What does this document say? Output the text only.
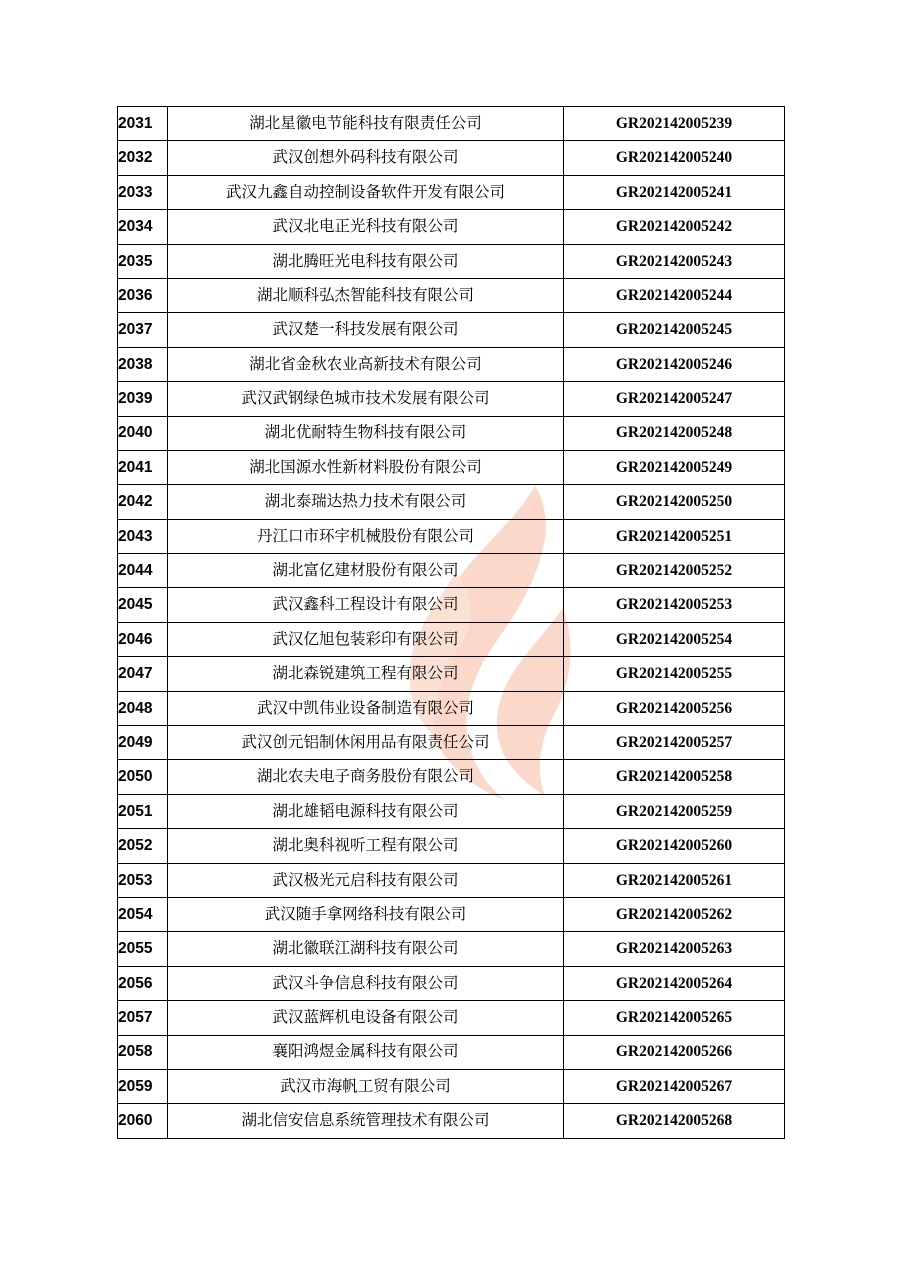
2031	湖北星徽电节能科技有限责任公司	GR202142005239
2032	武汉创想外码科技有限公司	GR202142005240
2033	武汉九鑫自动控制设备软件开发有限公司	GR202142005241
2034	武汉北电正光科技有限公司	GR202142005242
2035	湖北腾旺光电科技有限公司	GR202142005243
2036	湖北顺科弘杰智能科技有限公司	GR202142005244
2037	武汉楚一科技发展有限公司	GR202142005245
2038	湖北省金秋农业高新技术有限公司	GR202142005246
2039	武汉武钢绿色城市技术发展有限公司	GR202142005247
2040	湖北优耐特生物科技有限公司	GR202142005248
2041	湖北国源水性新材料股份有限公司	GR202142005249
2042	湖北泰瑞达热力技术有限公司	GR202142005250
2043	丹江口市环宇机械股份有限公司	GR202142005251
2044	湖北富亿建材股份有限公司	GR202142005252
2045	武汉鑫科工程设计有限公司	GR202142005253
2046	武汉亿旭包装彩印有限公司	GR202142005254
2047	湖北森锐建筑工程有限公司	GR202142005255
2048	武汉中凯伟业设备制造有限公司	GR202142005256
2049	武汉创元铝制休闲用品有限责任公司	GR202142005257
2050	湖北农夫电子商务股份有限公司	GR202142005258
2051	湖北雄韬电源科技有限公司	GR202142005259
2052	湖北奥科视听工程有限公司	GR202142005260
2053	武汉极光元启科技有限公司	GR202142005261
2054	武汉随手拿网络科技有限公司	GR202142005262
2055	湖北徽联江湖科技有限公司	GR202142005263
2056	武汉斗争信息科技有限公司	GR202142005264
2057	武汉蓝辉机电设备有限公司	GR202142005265
2058	襄阳鸿煜金属科技有限公司	GR202142005266
2059	武汉市海帆工贸有限公司	GR202142005267
2060	湖北信安信息系统管理技术有限公司	GR202142005268
